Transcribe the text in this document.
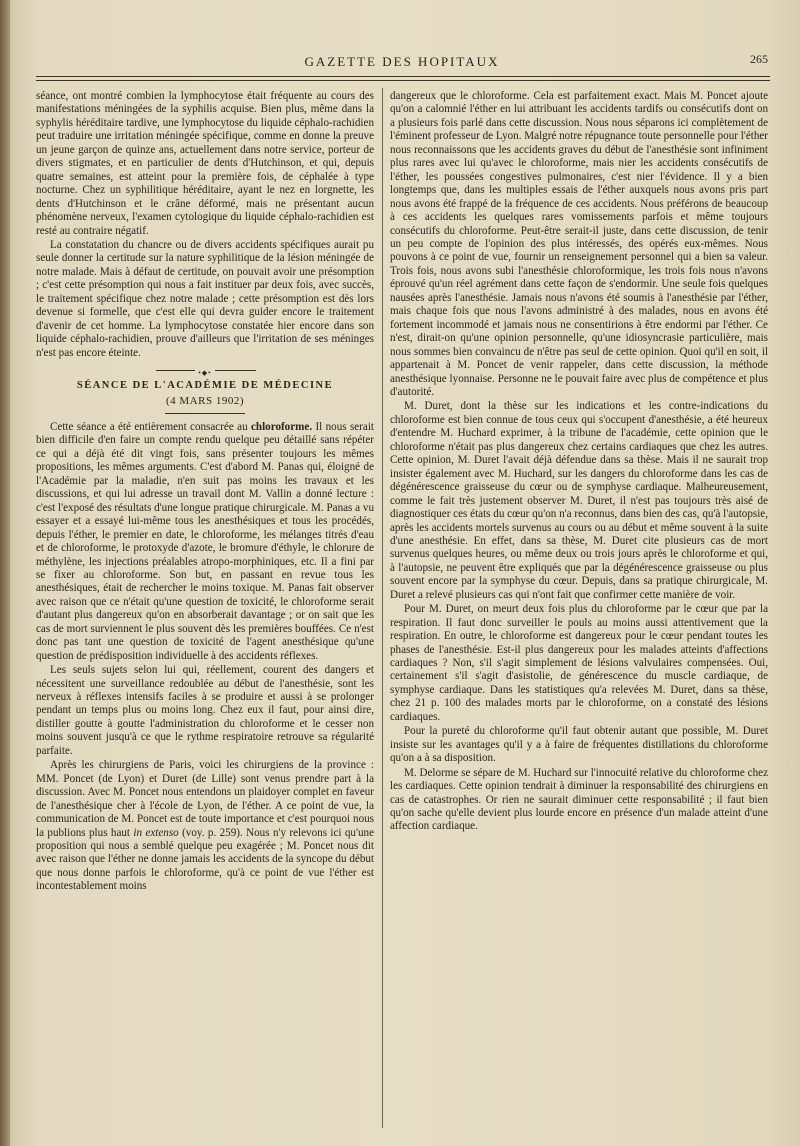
GAZETTE DES HOPITAUX	265

séance, ont montré combien la lymphocytose était fréquente au cours des manifestations méningées de la syphilis acquise. Bien plus, même dans la syphylis héréditaire tardive, une lymphocytose du liquide céphalo-rachidien peut traduire une irritation méningée spécifique, comme en donne la preuve un jeune garçon de quinze ans, actuellement dans notre service, porteur de divers stigmates, et en particulier de dents d'Hutchinson, et qui, depuis quatre semaines, est atteint pour la première fois, de céphalée à type nocturne. Chez un syphilitique héréditaire, ayant le nez en lorgnette, les dents d'Hutchinson et le crâne déformé, mais ne présentant aucun phénomène nerveux, l'examen cytologique du liquide céphalo-rachidien est resté au contraire négatif.

La constatation du chancre ou de divers accidents spécifiques aurait pu seule donner la certitude sur la nature syphilitique de la lésion méningée de notre malade. Mais à défaut de certitude, on pouvait avoir une présomption ; c'est cette présomption qui nous a fait instituer par deux fois, avec succès, le traitement spécifique chez notre malade ; cette présomption est dès lors devenue si formelle, que c'est elle qui devra guider encore le traitement d'avenir de cet homme. La lymphocytose constatée hier encore dans son liquide céphalo-rachidien, prouve d'ailleurs que l'irritation de ses méninges n'est pas encore éteinte.

•◆•
SÉANCE DE L'ACADÉMIE DE MÉDECINE
(4 MARS 1902)

Cette séance a été entièrement consacrée au chloroforme. Il nous serait bien difficile d'en faire un compte rendu quelque peu détaillé sans répéter ce qui a déjà été dit vingt fois, sans présenter toujours les mêmes propositions, les mêmes arguments. C'est d'abord M. Panas qui, éloigné de l'Académie par la maladie, n'en suit pas moins les travaux et les discussions, et qui lui adresse un travail dont M. Vallin a donné lecture : c'est l'exposé des résultats d'une longue pratique chirurgicale. M. Panas a vu essayer et a essayé lui-même tous les anesthésiques et tous les procédés, depuis l'éther, le premier en date, le chloroforme, les mélanges titrés d'eau et de chloroforme, le protoxyde d'azote, le bromure d'éthyle, le chlorure de méthylène, les injections préalables atropo-morphiniques, etc. Il a fini par se fixer au chloroforme. Son but, en passant en revue tous les anesthésiques, était de rechercher le moins toxique. M. Panas fait observer avec raison que ce n'était qu'une question de toxicité, le chloroforme serait d'autant plus dangereux qu'on en absorberait davantage ; or on sait que les cas de mort surviennent le plus souvent dès les premières bouffées. Ce n'est donc pas tant une question de toxicité de l'agent anesthésique qu'une question de prédisposition individuelle à des accidents réflexes.

Les seuls sujets selon lui qui, réellement, courent des dangers et nécessitent une surveillance redoublée au début de l'anesthésie, sont les nerveux à réflexes intensifs faciles à se produire et aussi à se prolonger pendant un temps plus ou moins long. Chez eux il faut, pour ainsi dire, distiller goutte à goutte l'administration du chloroforme et le cesser non moins souvent jusqu'à ce que le rythme respiratoire retrouve sa régularité parfaite.

Après les chirurgiens de Paris, voici les chirurgiens de la province : MM. Poncet (de Lyon) et Duret (de Lille) sont venus prendre part à la discussion. Avec M. Poncet nous entendons un plaidoyer complet en faveur de l'anesthésique cher à l'école de Lyon, de l'éther. A ce point de vue, la communication de M. Poncet est de toute importance et c'est pourquoi nous la publions plus haut in extenso (voy. p. 259). Nous n'y relevons ici qu'une proposition qui nous a semblé quelque peu exagérée ; M. Poncet nous dit avec raison que l'éther ne donne jamais les accidents de la syncope du début que nous donne parfois le chloroforme, qu'à ce point de vue l'éther est incontestablement moins

dangereux que le chloroforme. Cela est parfaitement exact. Mais M. Poncet ajoute qu'on a calomnié l'éther en lui attribuant les accidents tardifs ou consécutifs dont on a plusieurs fois parlé dans cette discussion. Nous nous séparons ici complètement de l'éminent professeur de Lyon. Malgré notre répugnance toute personnelle pour l'éther nous reconnaissons que les accidents graves du début de l'anesthésie sont infiniment plus rares avec lui qu'avec le chloroforme, mais nier les accidents consécutifs de l'éther, les poussées congestives pulmonaires, c'est nier l'évidence. Il y a bien longtemps que, dans les multiples essais de l'éther auxquels nous avons pris part nous avons été frappé de la fréquence de ces accidents. Nous préférons de beaucoup à ces accidents les quelques rares vomissements parfois et même toujours consécutifs du chloroforme. Peut-être serait-il juste, dans cette discussion, de tenir un peu compte de l'opinion des plus intéressés, des opérés eux-mêmes. Nous pouvons à ce point de vue, fournir un renseignement personnel qui a bien sa valeur. Trois fois, nous avons subi l'anesthésie chloroformique, les trois fois nous n'avons éprouvé qu'un réel agrément dans cette façon de s'endormir. Une seule fois quelques nausées après l'anesthésie. Jamais nous n'avons été soumis à l'anesthésie par l'éther, mais chaque fois que nous l'avons administré à des malades, nous en avons été fortement incommodé et jamais nous ne consentirions à être endormi par l'éther. Ce n'est, dirait-on qu'une opinion personnelle, qu'une idiosyncrasie particulière, mais nous sommes bien convaincu de n'être pas seul de cette opinion. Quoi qu'il en soit, il appartenait à M. Poncet de venir rappeler, dans cette discussion, la méthode anesthésique lyonnaise. Personne ne le pouvait faire avec plus de compétence et plus d'autorité.

M. Duret, dont la thèse sur les indications et les contre-indications du chloroforme est bien connue de tous ceux qui s'occupent d'anesthésie, a été heureux d'entendre M. Huchard exprimer, à la tribune de l'académie, cette opinion que le chloroforme n'était pas plus dangereux chez certains cardiaques que chez les autres. Cette opinion, M. Duret l'avait déjà défendue dans sa thèse. Mais il ne saurait trop insister également avec M. Huchard, sur les dangers du chloroforme dans les cas de dégénérescence graisseuse du cœur ou de symphyse cardiaque. Malheureusement, comme le fait très justement observer M. Duret, il n'est pas toujours très aisé de diagnostiquer ces états du cœur qu'on n'a reconnus, dans bien des cas, qu'à l'autopsie, après les accidents mortels survenus au cours ou au début et même souvent à la suite d'une anesthésie. En effet, dans sa thèse, M. Duret cite plusieurs cas de mort survenus quelques heures, ou même deux ou trois jours après le chloroforme et qui, à l'autopsie, ne peuvent être expliqués que par la dégénérescence graisseuse ou plus souvent encore par la symphyse du cœur. Depuis, dans sa pratique chirurgicale, M. Duret a relevé plusieurs cas qui n'ont fait que confirmer cette manière de voir.

Pour M. Duret, on meurt deux fois plus du chloroforme par le cœur que par la respiration. Il faut donc surveiller le pouls au moins aussi attentivement que la respiration. En outre, le chloroforme est dangereux pour le cœur pendant toutes les phases de l'anesthésie. Est-il plus dangereux pour les malades atteints d'affections cardiaques ? Non, s'il s'agit simplement de lésions valvulaires compensées. Oui, certainement s'il s'agit d'asistolie, de générescence du muscle cardiaque, de symphyse cardiaque. Dans les statistiques qu'a relevées M. Duret, dans sa thèse, chez 21 p. 100 des malades morts par le chloroforme, on a constaté des lésions cardiaques.

Pour la pureté du chloroforme qu'il faut obtenir autant que possible, M. Duret insiste sur les avantages qu'il y a à faire de fréquentes distillations du chloroforme qu'on a à sa disposition.

M. Delorme se sépare de M. Huchard sur l'innocuité relative du chloroforme chez les cardiaques. Cette opinion tendrait à diminuer la responsabilité des chirurgiens en cas de catastrophes. Or rien ne saurait diminuer cette responsabilité ; il faut bien qu'on sache qu'elle devient plus lourde encore en présence d'un malade atteint d'une affection cardiaque.
